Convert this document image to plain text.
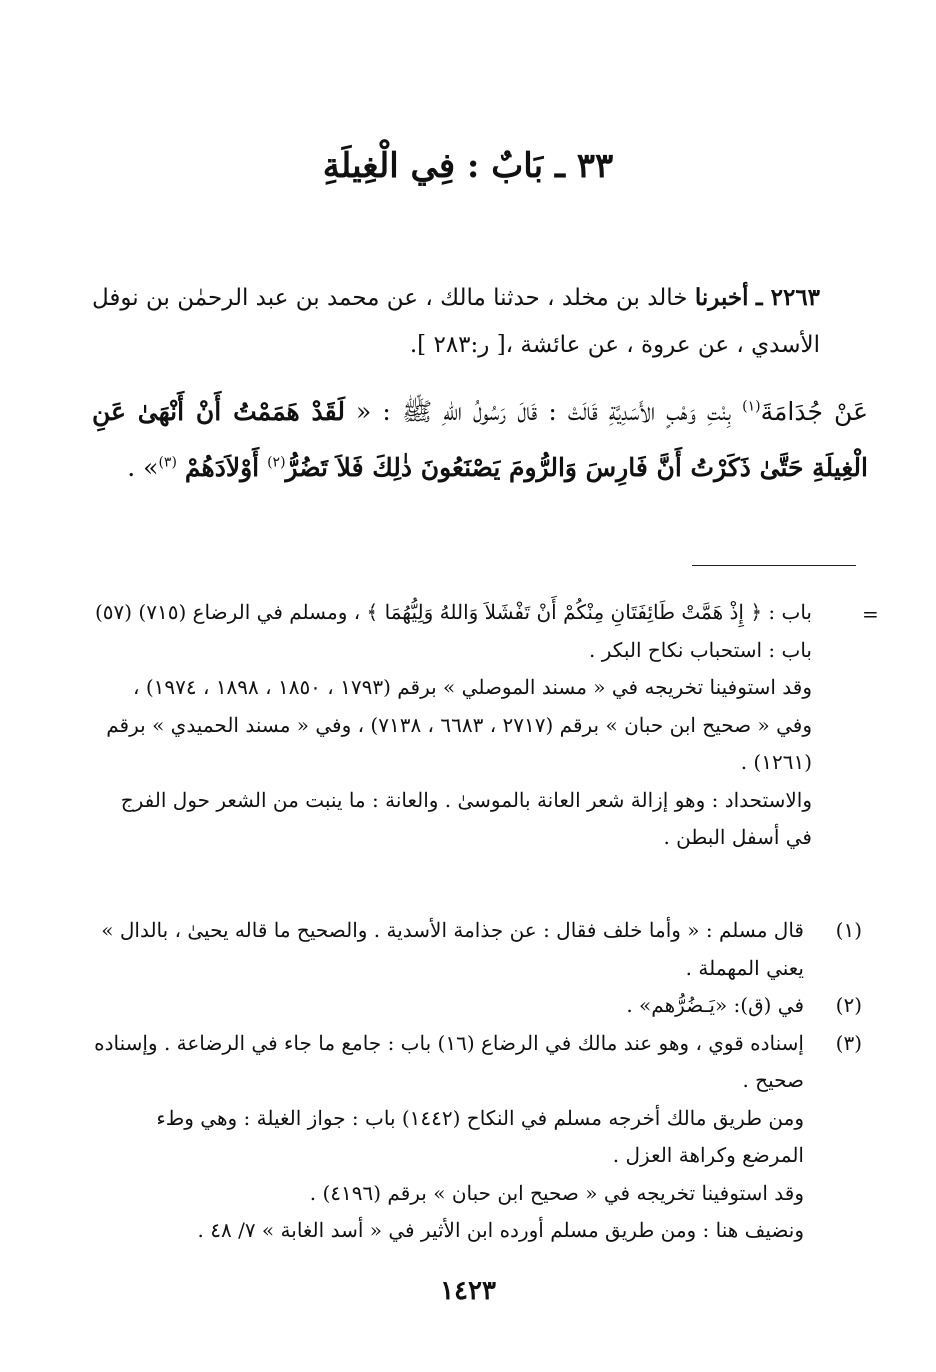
٣٣ ـ بَابٌ : فِي الْغِيلَةِ
٢٢٦٣ ـ أخبرنا خالد بن مخلد ، حدثنا مالك ، عن محمد بن عبد الرحمٰن بن نوفل الأسدي ، عن عروة ، عن عائشة ،[ ر:٢٨٣ ].
عَنْ جُدَامَةَ$^{(١)}$ بِنْتِ وَهْبٍ الأَسَدِيَّةِ قَالَتْ : قَالَ رَسُولُ اللهِ ﷺ : « لَقَدْ هَمَمْتُ أَنْ أَنْهَىٰ عَنِ الْغِيلَةِ حَتَّىٰ ذَكَرْتُ أَنَّ فَارِسَ وَالرُّومَ يَصْنَعُونَ ذٰلِكَ فَلاَ تَضُرُّ$^{(٢)}$ أَوْلاَدَهُمْ $^{(٣)}$» .
=

باب : ﴿ إِذْ هَمَّتْ طَائِفَتَانِ مِنْكُمْ أَنْ تَفْشَلاَ وَاللهُ وَلِيُّهُمَا ﴾ ، ومسلم في الرضاع (٧١٥) (٥٧) باب : استحباب نكاح البكر .

وقد استوفينا تخريجه في « مسند الموصلي » برقم (١٧٩٣ ، ١٨٥٠ ، ١٨٩٨ ، ١٩٧٤) ، وفي « صحيح ابن حبان » برقم (٢٧١٧ ، ٦٦٨٣ ، ٧١٣٨) ، وفي « مسند الحميدي » برقم (١٢٦١) .

والاستحداد : وهو إزالة شعر العانة بالموسىٰ . والعانة : ما ينبت من الشعر حول الفرج في أسفل البطن .

(١)

قال مسلم : « وأما خلف فقال : عن جذامة الأسدية . والصحيح ما قاله يحيىٰ ، بالدال » يعني المهملة .

(٢)

في (ق): «يَـضُرُّهم» .

(٣)

إسناده قوي ، وهو عند مالك في الرضاع (١٦) باب : جامع ما جاء في الرضاعة . وإسناده صحيح .

ومن طريق مالك أخرجه مسلم في النكاح (١٤٤٢) باب : جواز الغيلة : وهي وطء المرضع وكراهة العزل .

وقد استوفينا تخريجه في « صحيح ابن حبان » برقم (٤١٩٦) .

ونضيف هنا : ومن طريق مسلم أورده ابن الأثير في « أسد الغابة » ٧/ ٤٨ .

١٤٢٣
